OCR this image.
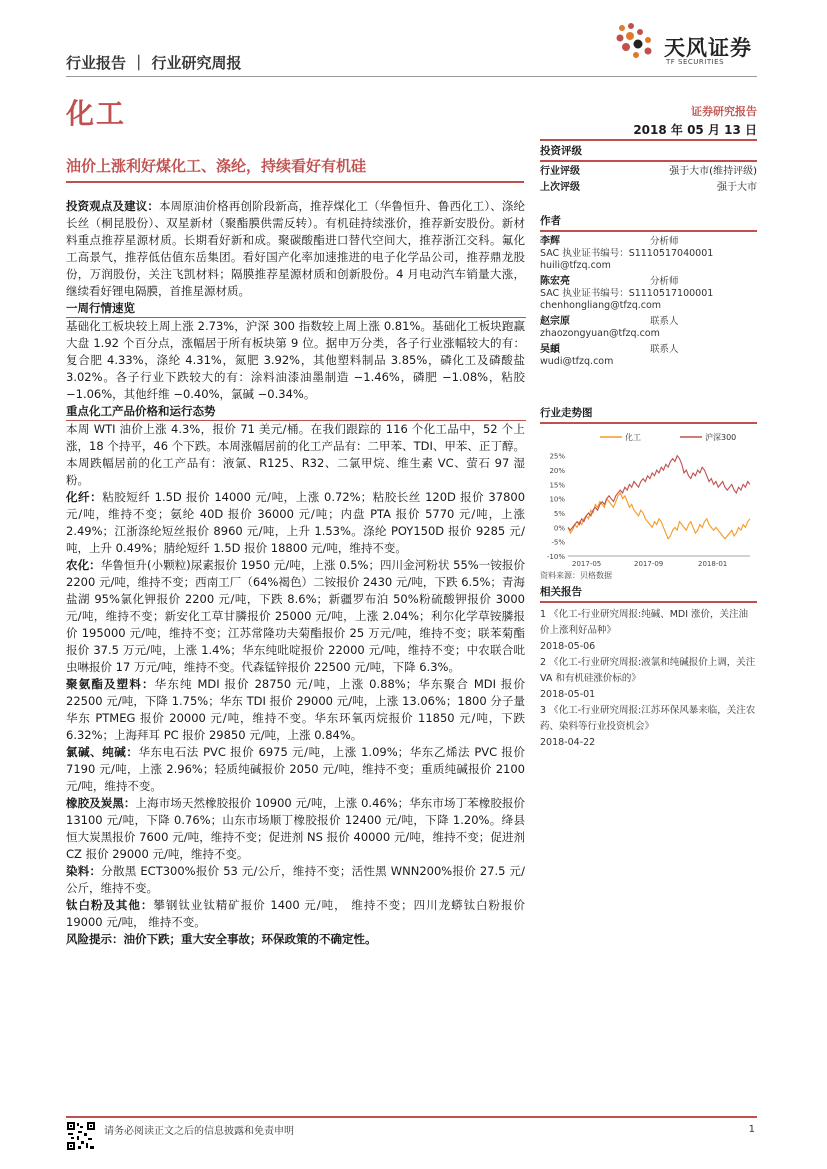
天风证券
TF SECURITIES
行业报告 ｜ 行业研究周报
化工	证券研究报告
2018 年 05 月 13 日
油价上涨利好煤化工、涤纶，持续看好有机硅

投资观点及建议：本周原油价格再创阶段新高，推荐煤化工（华鲁恒升、鲁西化工）、涤纶长丝（桐昆股份）、双星新材（聚酯膜供需反转）。有机硅持续涨价，推荐新安股份。新材料重点推荐星源材质。长期看好新和成。聚碳酸酯进口替代空间大，推荐浙江交科。氟化工高景气，推荐低估值东岳集团。看好国产化率加速推进的电子化学品公司，推荐鼎龙股份，万润股份，关注飞凯材料；隔膜推荐星源材质和创新股份。4 月电动汽车销量大涨，继续看好锂电隔膜，首推星源材质。

一周行情速览
基础化工板块较上周上涨 2.73%，沪深 300 指数较上周上涨 0.81%。基础化工板块跑赢大盘 1.92 个百分点，涨幅居于所有板块第 9 位。据申万分类，各子行业涨幅较大的有：复合肥 4.33%，涤纶 4.31%，氮肥 3.92%，其他塑料制品 3.85%，磷化工及磷酸盐 3.02%。各子行业下跌较大的有：涂料油漆油墨制造 −1.46%，磷肥 −1.08%，粘胶 −1.06%，其他纤维 −0.40%，氯碱 −0.34%。

重点化工产品价格和运行态势
本周 WTI 油价上涨 4.3%，报价 71 美元/桶。在我们跟踪的 116 个化工品中，52 个上涨，18 个持平，46 个下跌。本周涨幅居前的化工产品有：二甲苯、TDI、甲苯、正丁醇。本周跌幅居前的化工产品有：液氯、R125、R32、二氯甲烷、维生素 VC、萤石 97 湿粉。

化纤：粘胶短纤 1.5D 报价 14000 元/吨，上涨 0.72%；粘胶长丝 120D 报价 37800 元/吨，维持不变；氨纶 40D 报价 36000 元/吨；内盘 PTA 报价 5770 元/吨，上涨 2.49%；江浙涤纶短丝报价 8960 元/吨，上升 1.53%。涤纶 POY150D 报价 9285 元/吨，上升 0.49%；腈纶短纤 1.5D 报价 18800 元/吨，维持不变。

农化：华鲁恒升(小颗粒)尿素报价 1950 元/吨，上涨 0.5%；四川金河粉状 55%一铵报价 2200 元/吨，维持不变；西南工厂（64%褐色）二铵报价 2430 元/吨，下跌 6.5%；青海盐湖 95%氯化钾报价 2200 元/吨，下跌 8.6%；新疆罗布泊 50%粉硫酸钾报价 3000 元/吨，维持不变；新安化工草甘膦报价 25000 元/吨，上涨 2.04%；利尔化学草铵膦报价 195000 元/吨，维持不变；江苏常隆功夫菊酯报价 25 万元/吨，维持不变；联苯菊酯报价 37.5 万元/吨，上涨 1.4%；华东纯吡啶报价 22000 元/吨，维持不变；中农联合吡虫啉报价 17 万元/吨，维持不变。代森锰锌报价 22500 元/吨，下降 6.3%。

聚氨酯及塑料：华东纯 MDI 报价 28750 元/吨，上涨 0.88%；华东聚合 MDI 报价 22500 元/吨，下降 1.75%；华东 TDI 报价 29000 元/吨，上涨 13.06%；1800 分子量华东 PTMEG 报价 20000 元/吨，维持不变。华东环氧丙烷报价 11850 元/吨，下跌 6.32%；上海拜耳 PC 报价 29850 元/吨，上涨 0.84%。

氯碱、纯碱：华东电石法 PVC 报价 6975 元/吨，上涨 1.09%；华东乙烯法 PVC 报价 7190 元/吨，上涨 2.96%；轻质纯碱报价 2050 元/吨，维持不变；重质纯碱报价 2100 元/吨，维持不变。

橡胶及炭黑：上海市场天然橡胶报价 10900 元/吨，上涨 0.46%；华东市场丁苯橡胶报价 13100 元/吨，下降 0.76%；山东市场顺丁橡胶报价 12400 元/吨，下降 1.20%。绛县恒大炭黑报价 7600 元/吨，维持不变；促进剂 NS 报价 40000 元/吨，维持不变；促进剂 CZ 报价 29000 元/吨，维持不变。

染料：分散黑 ECT300%报价 53 元/公斤，维持不变；活性黑 WNN200%报价 27.5 元/公斤，维持不变。

钛白粉及其他：攀钢钛业钛精矿报价 1400 元/吨， 维持不变；四川龙蟒钛白粉报价 19000 元/吨， 维持不变。

风险提示：油价下跌；重大安全事故；环保政策的不确定性。

投资评级
行业评级	强于大市(维持评级)
上次评级	强于大市
作者
李辉	分析师
SAC 执业证书编号：S1110517040001
huili@tfzq.com
陈宏亮	分析师
SAC 执业证书编号：S1110517100001
chenhongliang@tfzq.com
赵宗原	联系人
zhaozongyuan@tfzq.com
吴頔	联系人
wudi@tfzq.com
行业走势图
化工	沪深300
25%
20%
15%
10%
5%
0%
-5%
-10%
2017-05	2017-09	2018-01
资料来源：贝格数据
相关报告
1 《化工-行业研究周报:纯碱、MDI 涨价，关注油价上涨利好品种》
2018-05-06
2 《化工-行业研究周报:液氯和纯碱报价上调，关注 VA 和有机硅涨价标的》
2018-05-01
3 《化工-行业研究周报:江苏环保风暴来临，关注农药、染料等行业投资机会》
2018-04-22
请务必阅读正文之后的信息披露和免责申明	1
